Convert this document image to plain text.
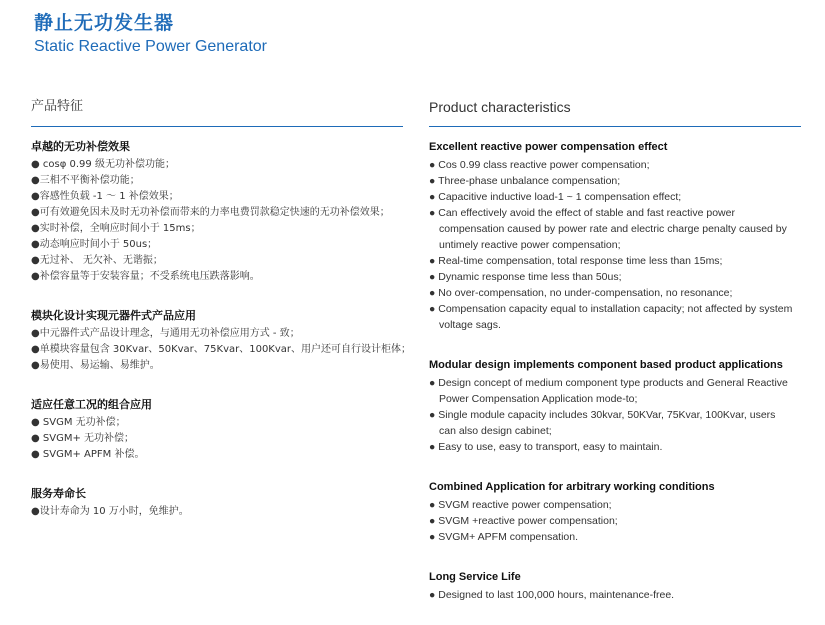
静止无功发生器
Static Reactive Power Generator
产品特征
卓越的无功补偿效果
● cosφ 0.99 级无功补偿功能；
●三相不平衡补偿功能；
●容感性负载 -1 ～ 1 补偿效果；
●可有效避免因未及时无功补偿而带来的力率电费罚款稳定快速的无功补偿效果；
●实时补偿，全响应时间小于 15ms；
●动态响应时间小于 50us；
●无过补、 无欠补、无谐振；
●补偿容量等于安装容量；不受系统电压跌落影响。
模块化设计实现元器件式产品应用
●中元器件式产品设计理念，与通用无功补偿应用方式 - 致；
●单模块容量包含 30Kvar、50Kvar、75Kvar、100Kvar、用户还可自行设计柜体；
●易使用、易运输、易维护。
适应任意工况的组合应用
● SVGM 无功补偿；
● SVGM+ 无功补偿；
● SVGM+ APFM 补偿。
服务寿命长
●设计寿命为 10 万小时，免维护。
Product characteristics
Excellent reactive power compensation effect
● Cos 0.99 class reactive power compensation;
● Three-phase unbalance compensation;
● Capacitive inductive load-1 ~ 1 compensation effect;
● Can effectively avoid the effect of stable and fast reactive power
compensation caused by power rate and electric charge penalty caused by
untimely reactive power compensation;
● Real-time compensation, total response time less than 15ms;
● Dynamic response time less than 50us;
● No over-compensation, no under-compensation, no resonance;
● Compensation capacity equal to installation capacity; not affected by system
voltage sags.
Modular design implements component based product applications
● Design concept of medium component type products and General Reactive
Power Compensation Application mode-to;
● Single module capacity includes 30kvar, 50KVar, 75Kvar, 100Kvar, users
can also design cabinet;
● Easy to use, easy to transport, easy to maintain.
Combined Application for arbitrary working conditions
● SVGM reactive power compensation;
● SVGM +reactive power compensation;
● SVGM+ APFM compensation.
Long Service Life
● Designed to last 100,000 hours, maintenance-free.
